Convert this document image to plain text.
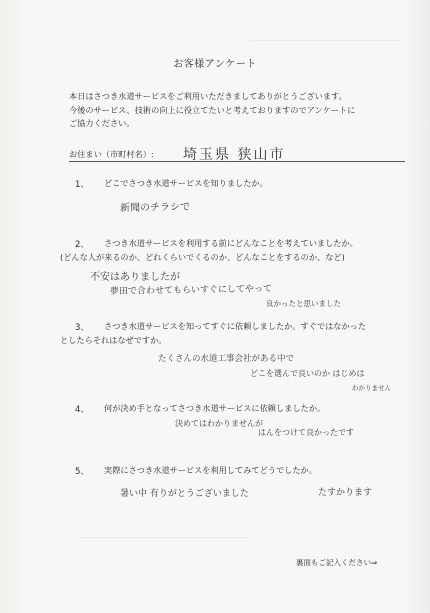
お客様アンケート
本日はさつき水道サービスをご利用いただきましてありがとうございます。
今後のサービス、技術の向上に役立てたいと考えておりますのでアンケートに
ご協力ください。
お住まい（市町村名）: 埼玉県 狭山市
1、 どこでさつき水道サービスを知りましたか。
新聞のチラシで
2、 さつき水道サービスを利用する前にどんなことを考えていましたか。
(どんな人が来るのか、どれくらいでくるのか、どんなことをするのか、など)
不安はありましたが
夢田で合わせてもらいすぐにしてやって
良かったと思いました
3、 さつき水道サービスを知ってすぐに依頼しましたか。すぐではなかった
としたらそれはなぜですか。
たくさんの水道工事会社がある中で
どこを選んで良いのか はじめは
わかりません
4、 何が決め手となってさつき水道サービスに依頼しましたか。
決めてはわかりませんが
はんをつけて良かったです
5、 実際にさつき水道サービスを利用してみてどうでしたか。
暑い中 有りがとうございました	たすかります
裏面もご記入ください⇒
